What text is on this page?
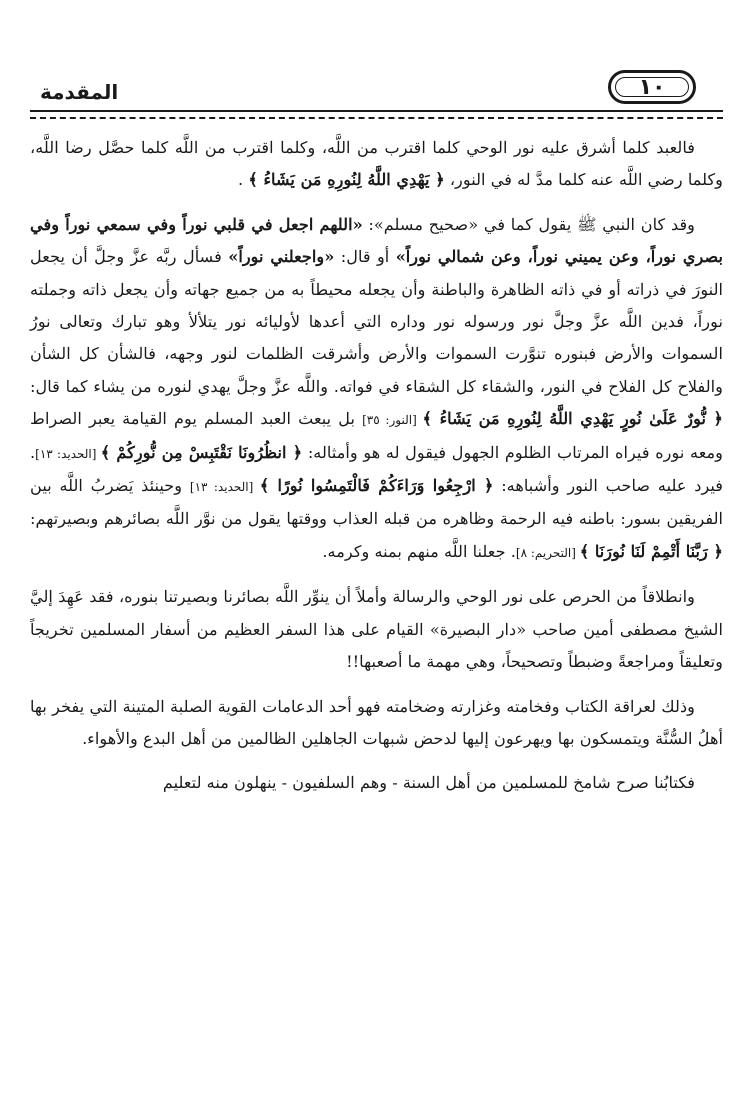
١٠
المقدمة

فالعبد كلما أشرق عليه نور الوحي كلما اقترب من اللَّه، وكلما اقترب من اللَّه كلما حصَّل رضا اللَّه، وكلما رضي اللَّه عنه كلما مدَّ له في النور، ﴿ يَهْدِي اللَّهُ لِنُورِهِ مَن يَشَاءُ ﴾ .

وقد كان النبي ﷺ يقول كما في «صحيح مسلم»: «اللهم اجعل في قلبي نوراً وفي سمعي نوراً وفي بصري نوراً، وعن يميني نوراً، وعن شمالي نوراً» أو قال: «واجعلني نوراً» فسأل ربَّه عزَّ وجلَّ أن يجعل النورَ في ذراته أو في ذاته الظاهرة والباطنة وأن يجعله محيطاً به من جميع جهاته وأن يجعل ذاته وجملته نوراً، فدين اللَّه عزَّ وجلَّ نور ورسوله نور وداره التي أعدها لأوليائه نور يتلألأ وهو تبارك وتعالى نورُ السموات والأرض فبنوره تنوَّرت السموات والأرض وأشرقت الظلمات لنور وجهه، فالشأن كل الشأن والفلاح كل الفلاح في النور، والشقاء كل الشقاء في فواته. واللَّه عزَّ وجلَّ يهدي لنوره من يشاء كما قال: ﴿ نُّورٌ عَلَىٰ نُورٍ يَهْدِي اللَّهُ لِنُورِهِ مَن يَشَاءُ ﴾ [النور: ٣٥] بل يبعث العبد المسلم يوم القيامة يعبر الصراط ومعه نوره فيراه المرتاب الظلوم الجهول فيقول له هو وأمثاله: ﴿ انظُرُونَا نَقْتَبِسْ مِن نُّورِكُمْ ﴾ [الحديد: ١٣]. فيرد عليه صاحب النور وأشباهه: ﴿ ارْجِعُوا وَرَاءَكُمْ فَالْتَمِسُوا نُورًا ﴾ [الحديد: ١٣] وحينئذ يَضربُ اللَّه بين الفريقين بسور: باطنه فيه الرحمة وظاهره من قبله العذاب ووقتها يقول من نوَّر اللَّه بصائرهم وبصيرتهم: ﴿ رَبَّنَا أَتْمِمْ لَنَا نُورَنَا ﴾ [التحريم: ٨]. جعلنا اللَّه منهم بمنه وكرمه.

وانطلاقاً من الحرص على نور الوحي والرسالة وأملاً أن ينوِّر اللَّه بصائرنا وبصيرتنا بنوره، فقد عَهِدَ إليَّ الشيخ مصطفى أمين صاحب «دار البصيرة» القيام على هذا السفر العظيم من أسفار المسلمين تخريجاً وتعليقاً ومراجعةً وضبطاً وتصحيحاً، وهي مهمة ما أصعبها!!

وذلك لعراقة الكتاب وفخامته وغزارته وضخامته فهو أحد الدعامات القوية الصلبة المتينة التي يفخر بها أهلُ السُّنَّة ويتمسكون بها ويهرعون إليها لدحض شبهات الجاهلين الظالمين من أهل البدع والأهواء.

فكتابُنا صرح شامخ للمسلمين من أهل السنة - وهم السلفيون - ينهلون منه لتعليم
